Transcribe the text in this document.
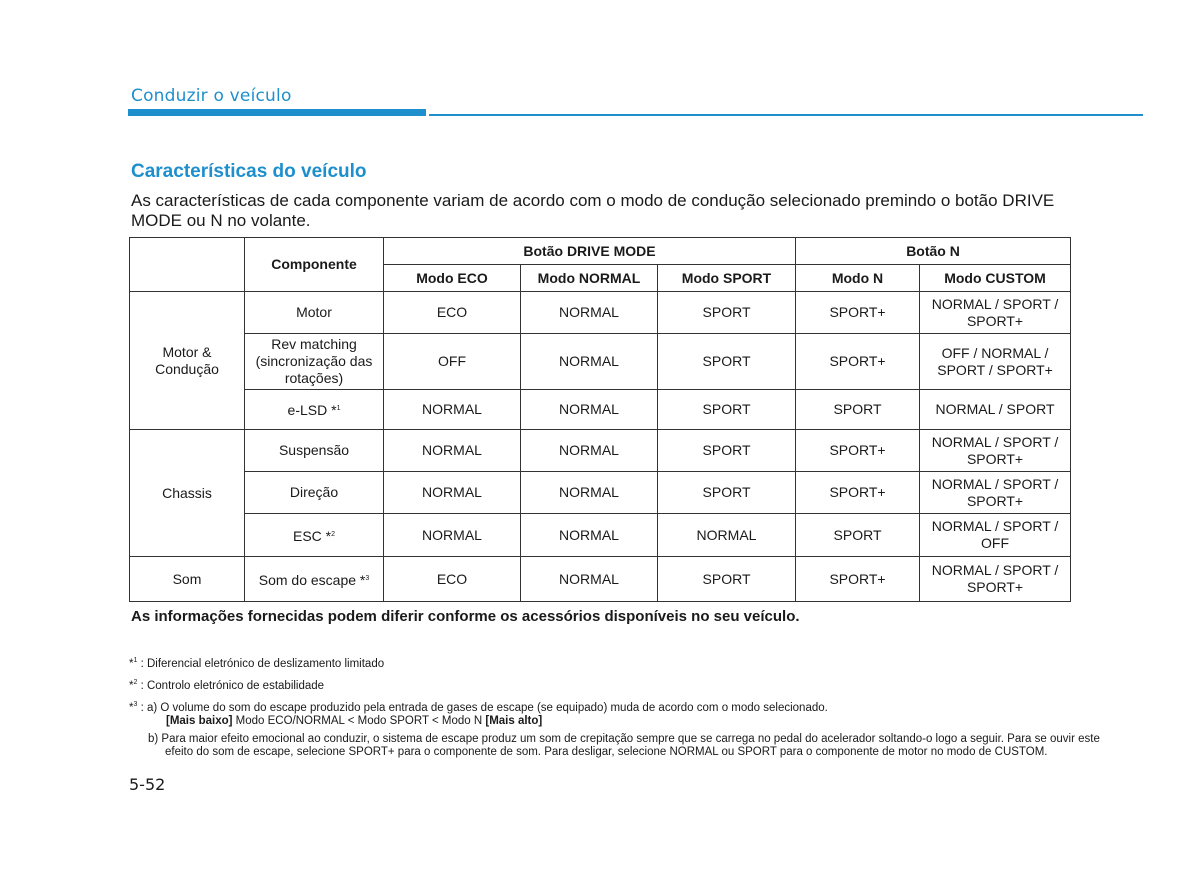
Conduzir o veículo
Características do veículo
As características de cada componente variam de acordo com o modo de condução selecionado premindo o botão DRIVE MODE ou N no volante.
	Componente	Botão DRIVE MODE			Botão N	
		Modo ECO	Modo NORMAL	Modo SPORT	Modo N	Modo CUSTOM
Motor & Condução	Motor	ECO	NORMAL	SPORT	SPORT+	NORMAL / SPORT / SPORT+
	Rev matching (sincronização das rotações)	OFF	NORMAL	SPORT	SPORT+	OFF / NORMAL / SPORT / SPORT+
	e-LSD *$^1$	NORMAL	NORMAL	SPORT	SPORT	NORMAL / SPORT
Chassis	Suspensão	NORMAL	NORMAL	SPORT	SPORT+	NORMAL / SPORT / SPORT+
	Direção	NORMAL	NORMAL	SPORT	SPORT+	NORMAL / SPORT / SPORT+
	ESC *$^2$	NORMAL	NORMAL	NORMAL	SPORT	NORMAL / SPORT / OFF
Som	Som do escape *$^3$	ECO	NORMAL	SPORT	SPORT+	NORMAL / SPORT / SPORT+
As informações fornecidas podem diferir conforme os acessórios disponíveis no seu veículo.
*$^1$ : Diferencial eletrónico de deslizamento limitado
*$^2$ : Controlo eletrónico de estabilidade
*$^3$ : a) O volume do som do escape produzido pela entrada de gases de escape (se equipado) muda de acordo com o modo selecionado.
[Mais baixo] Modo ECO/NORMAL < Modo SPORT < Modo N [Mais alto]
b) Para maior efeito emocional ao conduzir, o sistema de escape produz um som de crepitação sempre que se carrega no pedal do acelerador soltando-o logo a seguir. Para se ouvir este efeito do som de escape, selecione SPORT+ para o componente de som. Para desligar, selecione NORMAL ou SPORT para o componente de motor no modo de CUSTOM.
5-52
